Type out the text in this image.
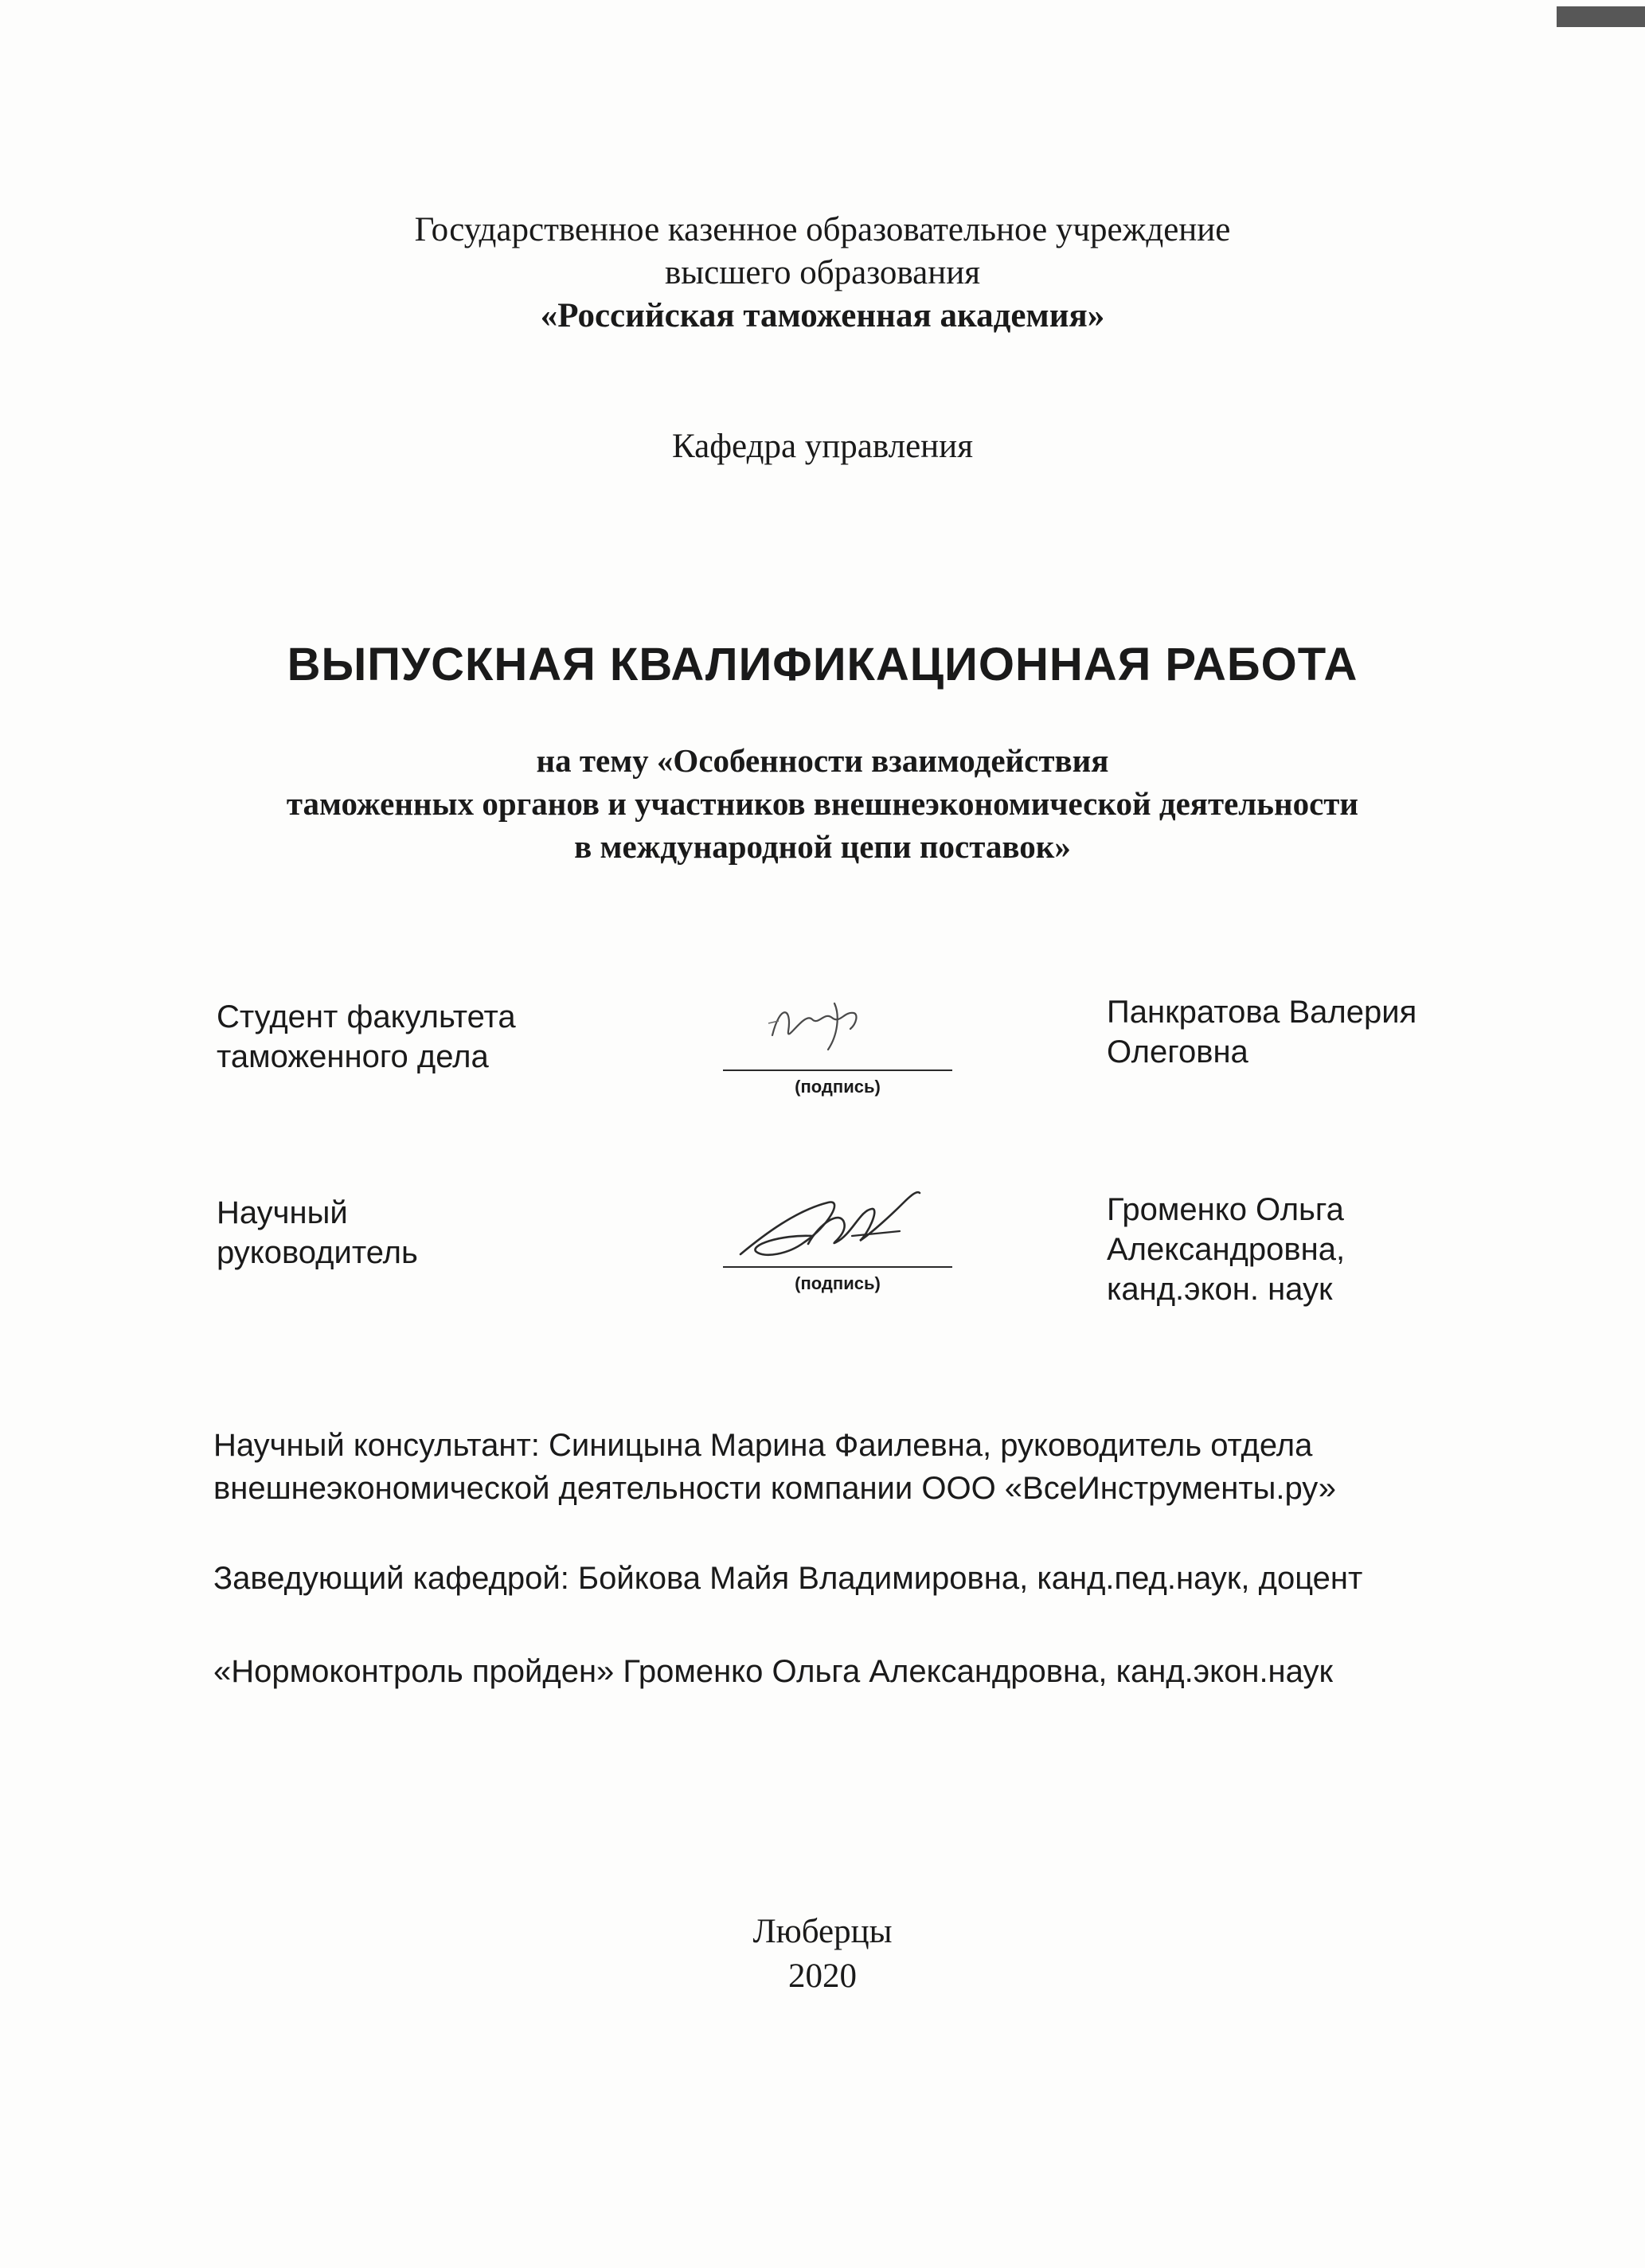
Государственное казенное образовательное учреждение
высшего образования
«Российская таможенная академия»
Кафедра управления
ВЫПУСКНАЯ КВАЛИФИКАЦИОННАЯ РАБОТА
на тему «Особенности взаимодействия
таможенных органов и участников внешнеэкономической деятельности
в международной цепи поставок»
Студент факультета
таможенного дела
(подпись)
Панкратова Валерия
Олеговна
Научный
руководитель
(подпись)
Громенко Ольга
Александровна,
канд.экон. наук
Научный консультант: Синицына Марина Фаилевна, руководитель отдела
внешнеэкономической деятельности компании ООО «ВсеИнструменты.ру»
Заведующий кафедрой: Бойкова Майя Владимировна, канд.пед.наук, доцент
«Нормоконтроль пройден» Громенко Ольга Александровна, канд.экон.наук
Люберцы
2020
